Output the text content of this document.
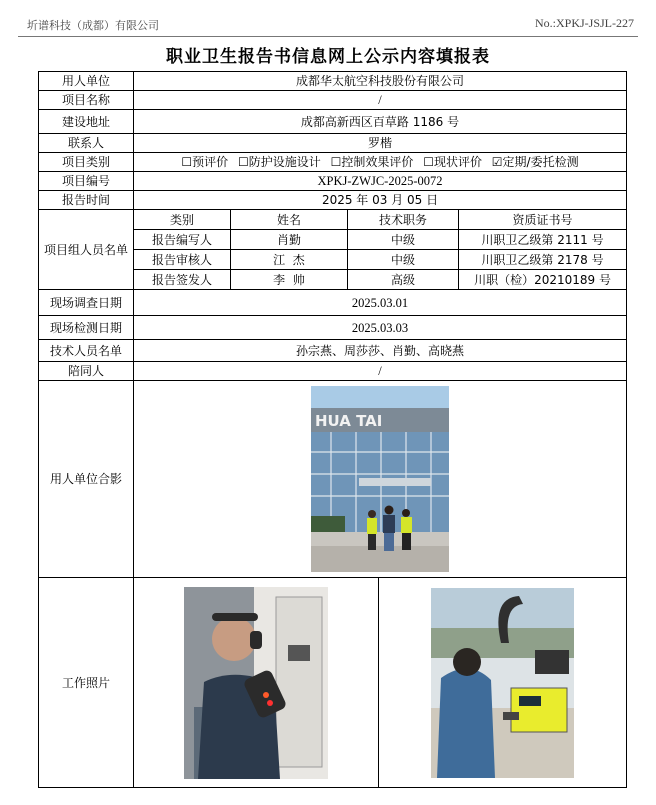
圻谱科技（成都）有限公司	No.:XPKJ-JSJL-227
职业卫生报告书信息网上公示内容填报表
用人单位	成都华太航空科技股份有限公司				
项目名称	/				
建设地址	成都高新西区百草路 1186 号				
联系人	罗楷				
项目类别	☐预评价 ☐防护设施设计 ☐控制效果评价 ☐现状评价 ☑定期/委托检测				
项目编号	XPKJ-ZWJC-2025-0072				
报告时间	2025 年 03 月 05 日				
项目组人员名单	类别	姓名	技术职务		资质证书号
	报告编写人	肖勤	中级		川职卫乙级第 2111 号
	报告审核人	江  杰	中级		川职卫乙级第 2178 号
	报告签发人	李  帅	高级		川职（检）20210189 号
现场调查日期	2025.03.01				
现场检测日期	2025.03.03				
技术人员名单	孙宗燕、周莎莎、肖勤、高晓燕				
陪同人	/				
用人单位合影	HUA TAI				

工作照片	
